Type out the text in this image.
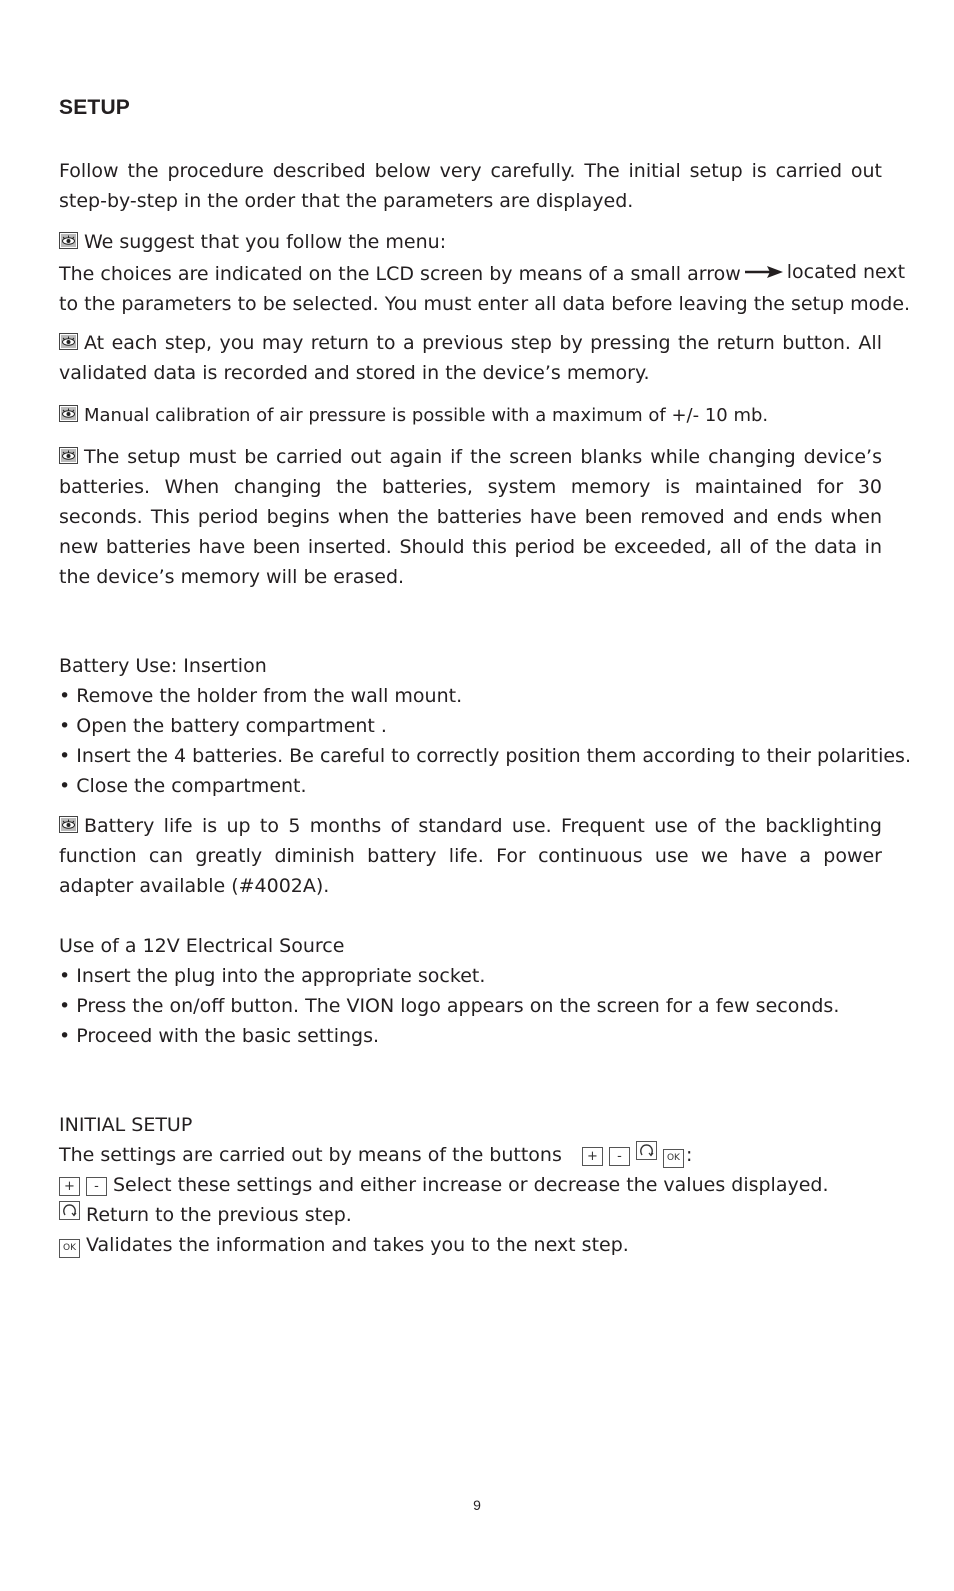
SETUP

Follow the procedure described below very carefully. The initial setup is carried out step-by-step in the order that the parameters are displayed.

We suggest that you follow the menu:
The choices are indicated on the LCD screen by means of a small arrow	located next
to the parameters to be selected. You must enter all data before leaving the setup mode.

At each step, you may return to a previous step by pressing the return button. All validated data is recorded and stored in the device’s memory.

Manual calibration of air pressure is possible with a maximum of +/- 10 mb.

The setup must be carried out again if the screen blanks while changing device’s batteries. When changing the batteries, system memory is maintained for 30 seconds. This period begins when the batteries have been removed and ends when new batteries have been inserted. Should this period be exceeded, all of the data in the device’s memory will be erased.

Battery Use: Insertion
• Remove the holder from the wall mount.
• Open the battery compartment .
• Insert the 4 batteries. Be careful to correctly position them according to their polarities.
• Close the compartment.

Battery life is up to 5 months of standard use. Frequent use of the backlighting function can greatly diminish battery life. For continuous use we have a power adapter available (#4002A).

Use of a 12V Electrical Source
• Insert the plug into the appropriate socket.
• Press the on/off button. The VION logo appears on the screen for a few seconds.
• Proceed with the basic settings.
INITIAL SETUP
The settings are carried out by means of the buttons + -	OK :
+ - Select these settings and either increase or decrease the values displayed.
Return to the previous step.
OK Validates the information and takes you to the next step.
9
